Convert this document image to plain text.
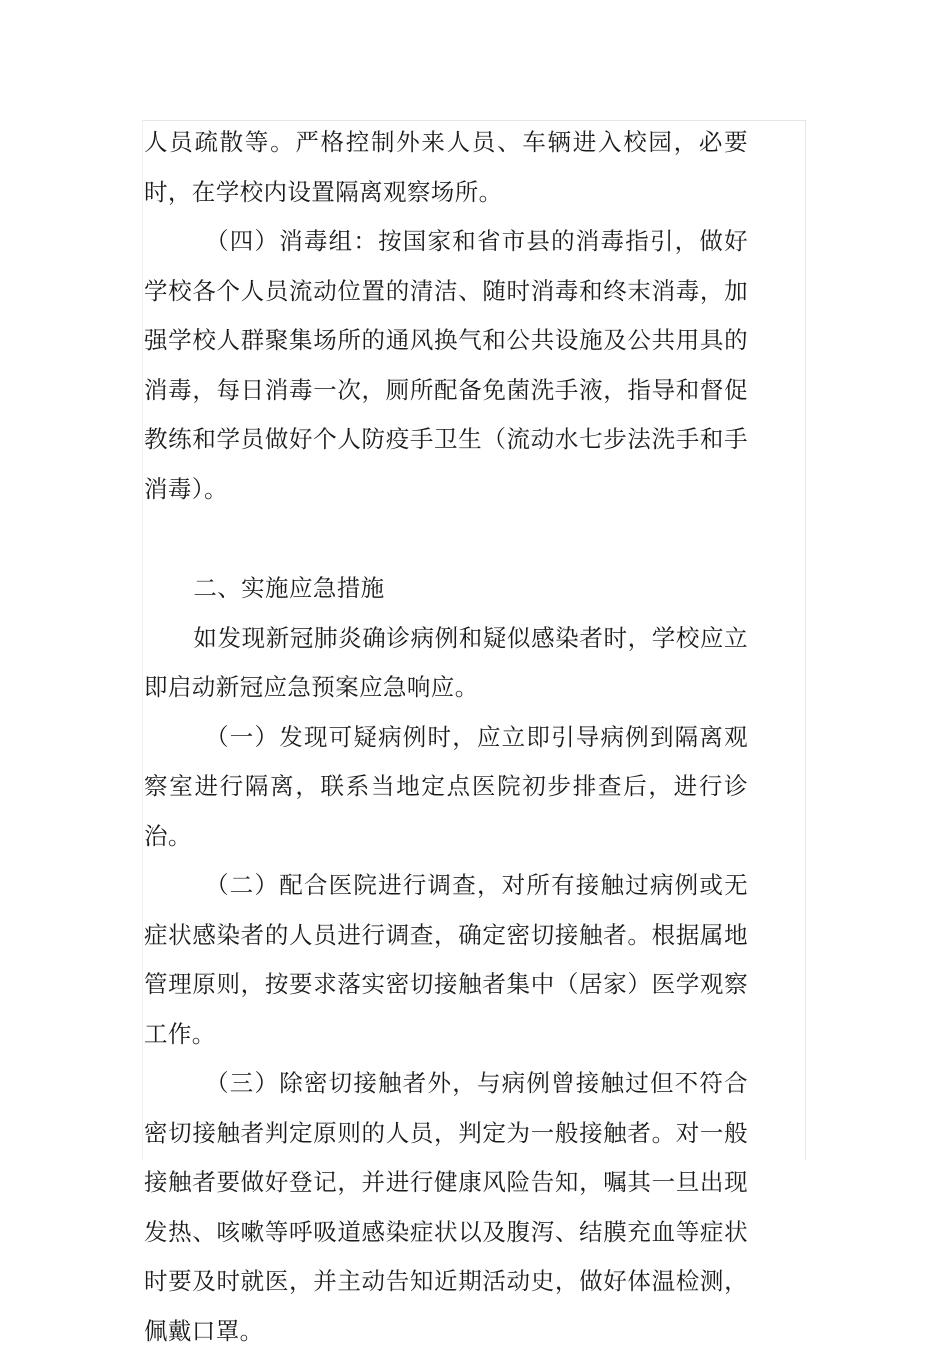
人员疏散等。严格控制外来人员、车辆进入校园，必要时，在学校内设置隔离观察场所。

（四）消毒组：按国家和省市县的消毒指引，做好学校各个人员流动位置的清洁、随时消毒和终末消毒，加强学校人群聚集场所的通风换气和公共设施及公共用具的消毒，每日消毒一次，厕所配备免菌洗手液，指导和督促教练和学员做好个人防疫手卫生（流动水七步法洗手和手消毒）。

二、实施应急措施

如发现新冠肺炎确诊病例和疑似感染者时，学校应立即启动新冠应急预案应急响应。

（一）发现可疑病例时，应立即引导病例到隔离观察室进行隔离，联系当地定点医院初步排查后，进行诊治。

（二）配合医院进行调查，对所有接触过病例或无症状感染者的人员进行调查，确定密切接触者。根据属地管理原则，按要求落实密切接触者集中（居家）医学观察工作。

（三）除密切接触者外，与病例曾接触过但不符合密切接触者判定原则的人员，判定为一般接触者。对一般接触者要做好登记，并进行健康风险告知，嘱其一旦出现发热、咳嗽等呼吸道感染症状以及腹泻、结膜充血等症状时要及时就医，并主动告知近期活动史，做好体温检测，佩戴口罩。
